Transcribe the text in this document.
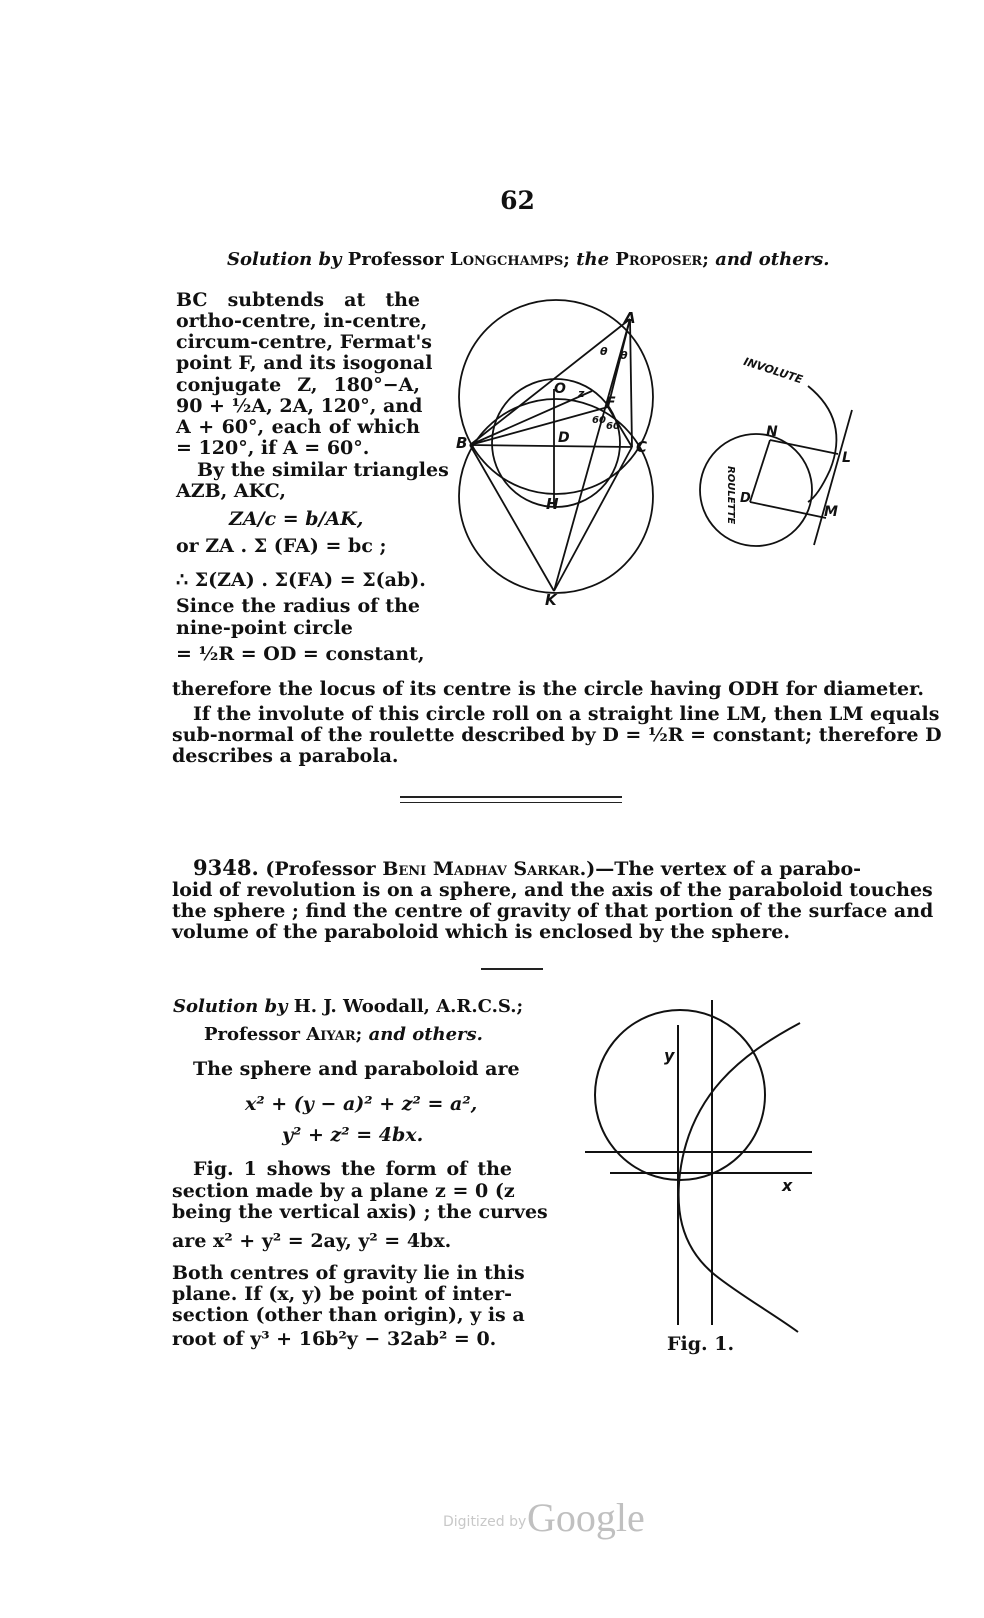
62
Solution by Professor Longchamps; the Proposer; and others.
BC subtends at the
ortho-centre, in-centre,
circum-centre, Fermat's
point F, and its isogonal
conjugate Z, 180°−A,
90 + ½A, 2A, 120°, and
A + 60°, each of which
= 120°, if A = 60°.
By the similar triangles
AZB, AKC,
ZA/c = b/AK,
or ZA . Σ (FA) = bc ;
∴ Σ(ZA) . Σ(FA) = Σ(ab).
Since the radius of the
nine-point circle
= ½R = OD = constant,
A
B	C
O
D
F
H
K
z
60
60
θ θ	INVOLUTE
ROULETTE
N
L
M
D
therefore the locus of its centre is the circle having ODH for diameter.
If the involute of this circle roll on a straight line LM, then LM equals
sub-normal of the roulette described by D = ½R = constant; therefore D
describes a parabola.
9348. (Professor Beni Madhav Sarkar.)—The vertex of a parabo-
loid of revolution is on a sphere, and the axis of the paraboloid touches
the sphere ; find the centre of gravity of that portion of the surface and
volume of the paraboloid which is enclosed by the sphere.
Solution by H. J. Woodall, A.R.C.S.;
Professor Aiyar; and others.
The sphere and paraboloid are
x² + (y − a)² + z² = a²,
y² + z² = 4bx.
Fig. 1 shows the form of the
section made by a plane z = 0 (z
being the vertical axis) ; the curves
are x² + y² = 2ay, y² = 4bx.
Both centres of gravity lie in this
plane. If (x, y) be point of inter-
section (other than origin), y is a
root of y³ + 16b²y − 32ab² = 0.
y
x
Fig. 1.
Digitized by Google
